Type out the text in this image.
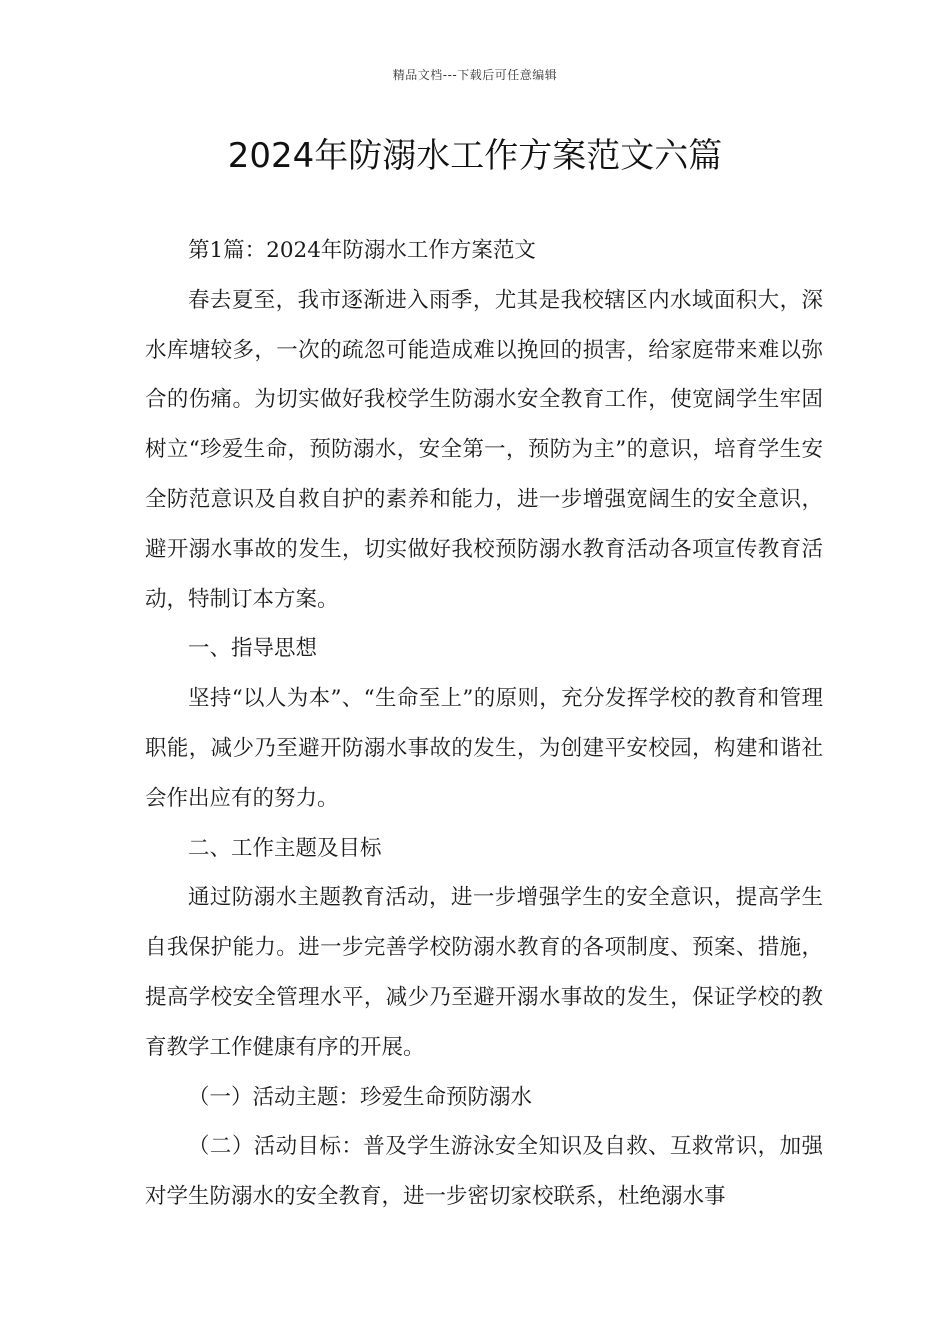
精品文档---下载后可任意编辑
2024年防溺水工作方案范文六篇

第1篇：2024年防溺水工作方案范文

春去夏至，我市逐渐进入雨季，尤其是我校辖区内水域面积大，深水库塘较多，一次的疏忽可能造成难以挽回的损害，给家庭带来难以弥合的伤痛。为切实做好我校学生防溺水安全教育工作，使宽阔学生牢固树立“珍爱生命，预防溺水，安全第一，预防为主”的意识，培育学生安全防范意识及自救自护的素养和能力，进一步增强宽阔生的安全意识，避开溺水事故的发生，切实做好我校预防溺水教育活动各项宣传教育活动，特制订本方案。

一、指导思想

坚持“以人为本”、“生命至上”的原则，充分发挥学校的教育和管理职能，减少乃至避开防溺水事故的发生，为创建平安校园，构建和谐社会作出应有的努力。

二、工作主题及目标

通过防溺水主题教育活动，进一步增强学生的安全意识，提高学生自我保护能力。进一步完善学校防溺水教育的各项制度、预案、措施，提高学校安全管理水平，减少乃至避开溺水事故的发生，保证学校的教育教学工作健康有序的开展。

（一）活动主题：珍爱生命预防溺水

（二）活动目标：普及学生游泳安全知识及自救、互救常识，加强对学生防溺水的安全教育，进一步密切家校联系，杜绝溺水事
